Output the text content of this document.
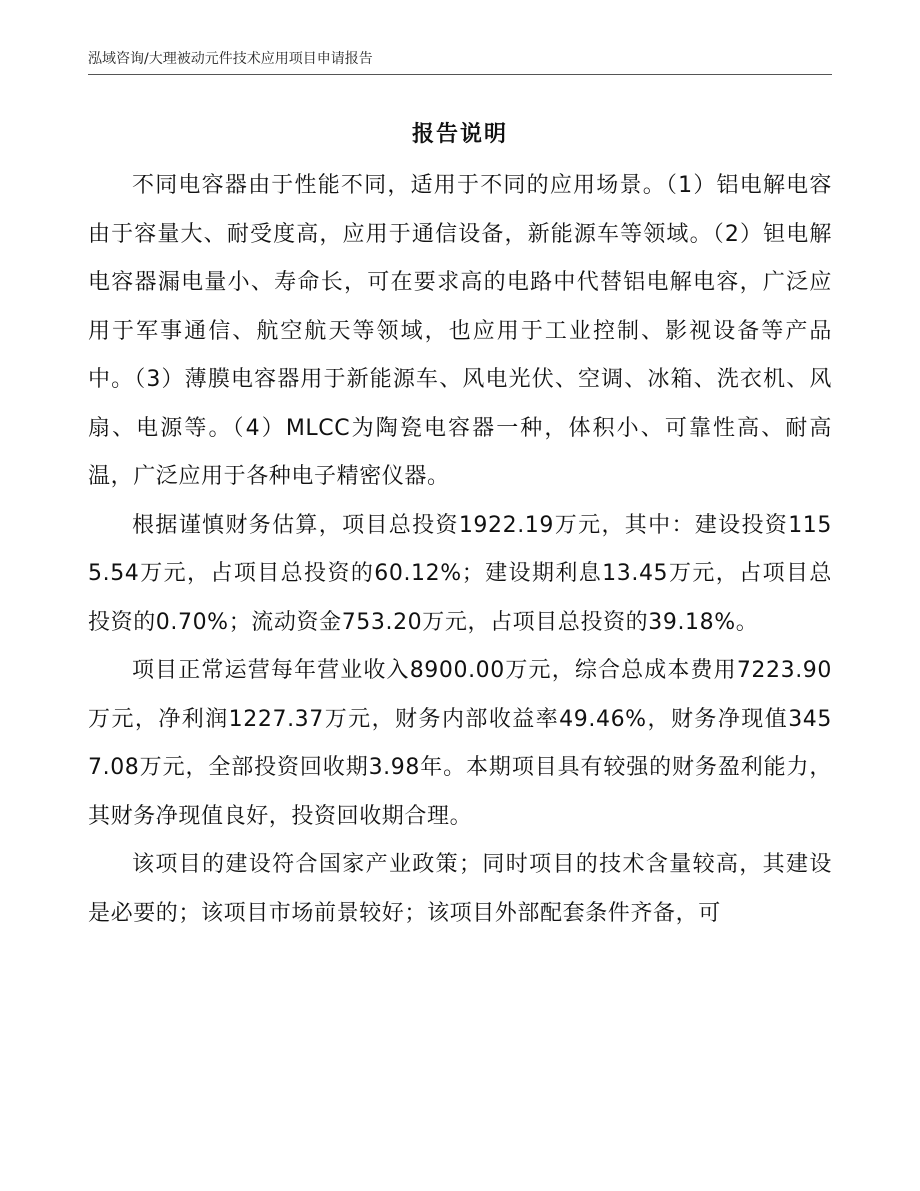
泓域咨询/大理被动元件技术应用项目申请报告
报告说明

不同电容器由于性能不同，适用于不同的应用场景。（1）铝电解电容由于容量大、耐受度高，应用于通信设备，新能源车等领域。（2）钽电解电容器漏电量小、寿命长，可在要求高的电路中代替铝电解电容，广泛应用于军事通信、航空航天等领域，也应用于工业控制、影视设备等产品中。（3）薄膜电容器用于新能源车、风电光伏、空调、冰箱、洗衣机、风扇、电源等。（4）MLCC为陶瓷电容器一种，体积小、可靠性高、耐高温，广泛应用于各种电子精密仪器。

根据谨慎财务估算，项目总投资1922.19万元，其中：建设投资1155.54万元，占项目总投资的60.12%；建设期利息13.45万元，占项目总投资的0.70%；流动资金753.20万元，占项目总投资的39.18%。

项目正常运营每年营业收入8900.00万元，综合总成本费用7223.90万元，净利润1227.37万元，财务内部收益率49.46%，财务净现值3457.08万元，全部投资回收期3.98年。本期项目具有较强的财务盈利能力，其财务净现值良好，投资回收期合理。

该项目的建设符合国家产业政策；同时项目的技术含量较高，其建设是必要的；该项目市场前景较好；该项目外部配套条件齐备，可
